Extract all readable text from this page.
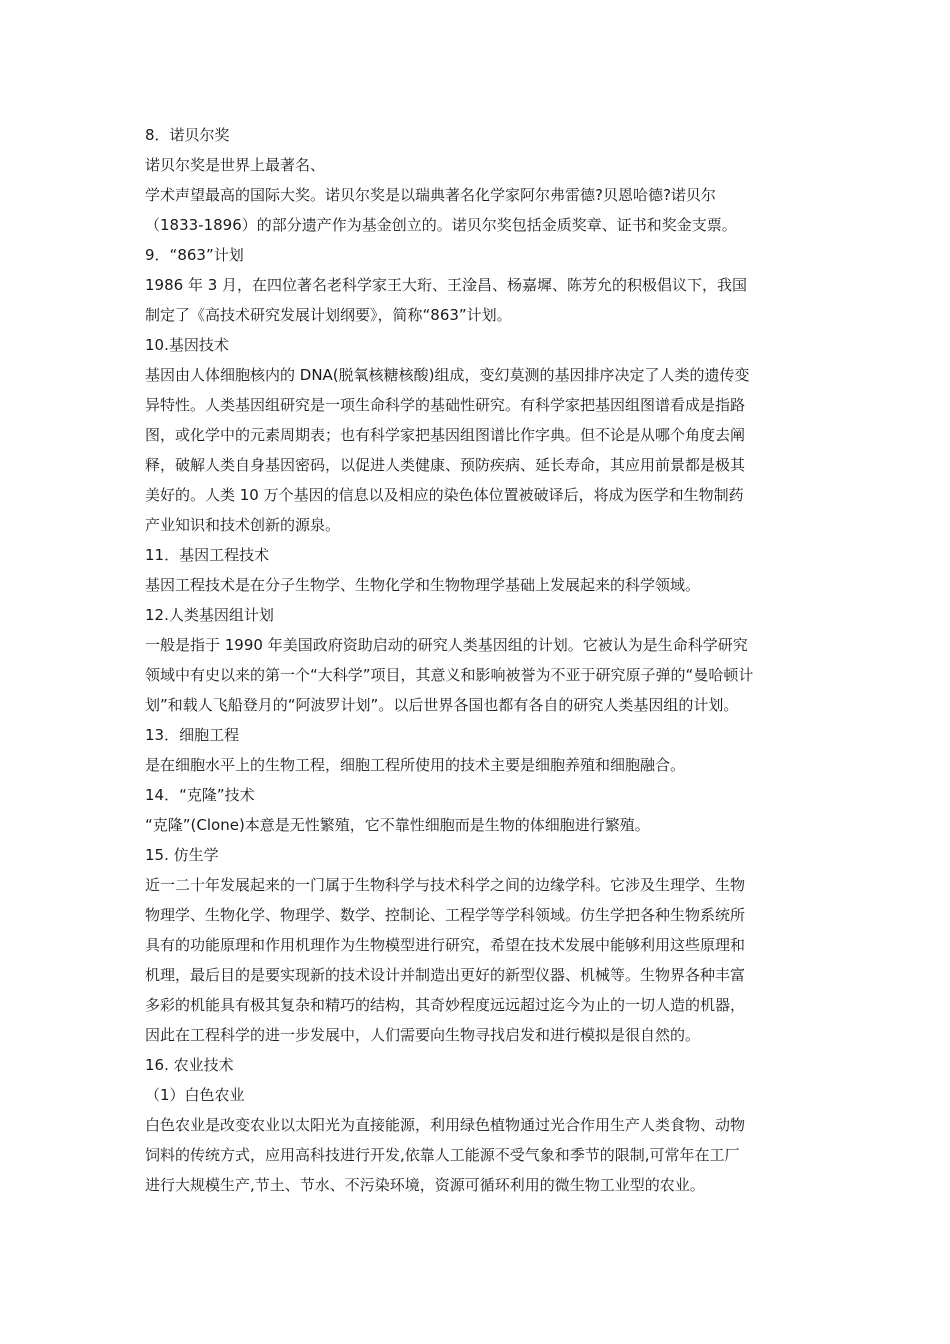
8．诺贝尔奖
诺贝尔奖是世界上最著名、
学术声望最高的国际大奖。诺贝尔奖是以瑞典著名化学家阿尔弗雷德?贝恩哈德?诺贝尔
（1833-1896）的部分遗产作为基金创立的。诺贝尔奖包括金质奖章、证书和奖金支票。
9．“863”计划
1986 年 3 月，在四位著名老科学家王大珩、王淦昌、杨嘉墀、陈芳允的积极倡议下，我国
制定了《高技术研究发展计划纲要》，简称“863”计划。
10.基因技术
基因由人体细胞核内的 DNA(脱氧核糖核酸)组成，变幻莫测的基因排序决定了人类的遗传变
异特性。人类基因组研究是一项生命科学的基础性研究。有科学家把基因组图谱看成是指路
图，或化学中的元素周期表；也有科学家把基因组图谱比作字典。但不论是从哪个角度去阐
释，破解人类自身基因密码，以促进人类健康、预防疾病、延长寿命，其应用前景都是极其
美好的。人类 10 万个基因的信息以及相应的染色体位置被破译后，将成为医学和生物制药
产业知识和技术创新的源泉。
11．基因工程技术
基因工程技术是在分子生物学、生物化学和生物物理学基础上发展起来的科学领域。
12.人类基因组计划
一般是指于 1990 年美国政府资助启动的研究人类基因组的计划。它被认为是生命科学研究
领域中有史以来的第一个“大科学”项目，其意义和影响被誉为不亚于研究原子弹的“曼哈顿计
划”和载人飞船登月的“阿波罗计划”。以后世界各国也都有各自的研究人类基因组的计划。
13．细胞工程
是在细胞水平上的生物工程，细胞工程所使用的技术主要是细胞养殖和细胞融合。
14．“克隆”技术
“克隆”(Clone)本意是无性繁殖，它不靠性细胞而是生物的体细胞进行繁殖。
15. 仿生学
近一二十年发展起来的一门属于生物科学与技术科学之间的边缘学科。它涉及生理学、生物
物理学、生物化学、物理学、数学、控制论、工程学等学科领域。仿生学把各种生物系统所
具有的功能原理和作用机理作为生物模型进行研究，希望在技术发展中能够利用这些原理和
机理，最后目的是要实现新的技术设计并制造出更好的新型仪器、机械等。生物界各种丰富
多彩的机能具有极其复杂和精巧的结构，其奇妙程度远远超过迄今为止的一切人造的机器，
因此在工程科学的进一步发展中，人们需要向生物寻找启发和进行模拟是很自然的。
16. 农业技术
（1）白色农业
白色农业是改变农业以太阳光为直接能源，利用绿色植物通过光合作用生产人类食物、动物
饲料的传统方式，应用高科技进行开发,依靠人工能源不受气象和季节的限制,可常年在工厂
进行大规模生产,节土、节水、不污染环境，资源可循环利用的微生物工业型的农业。
